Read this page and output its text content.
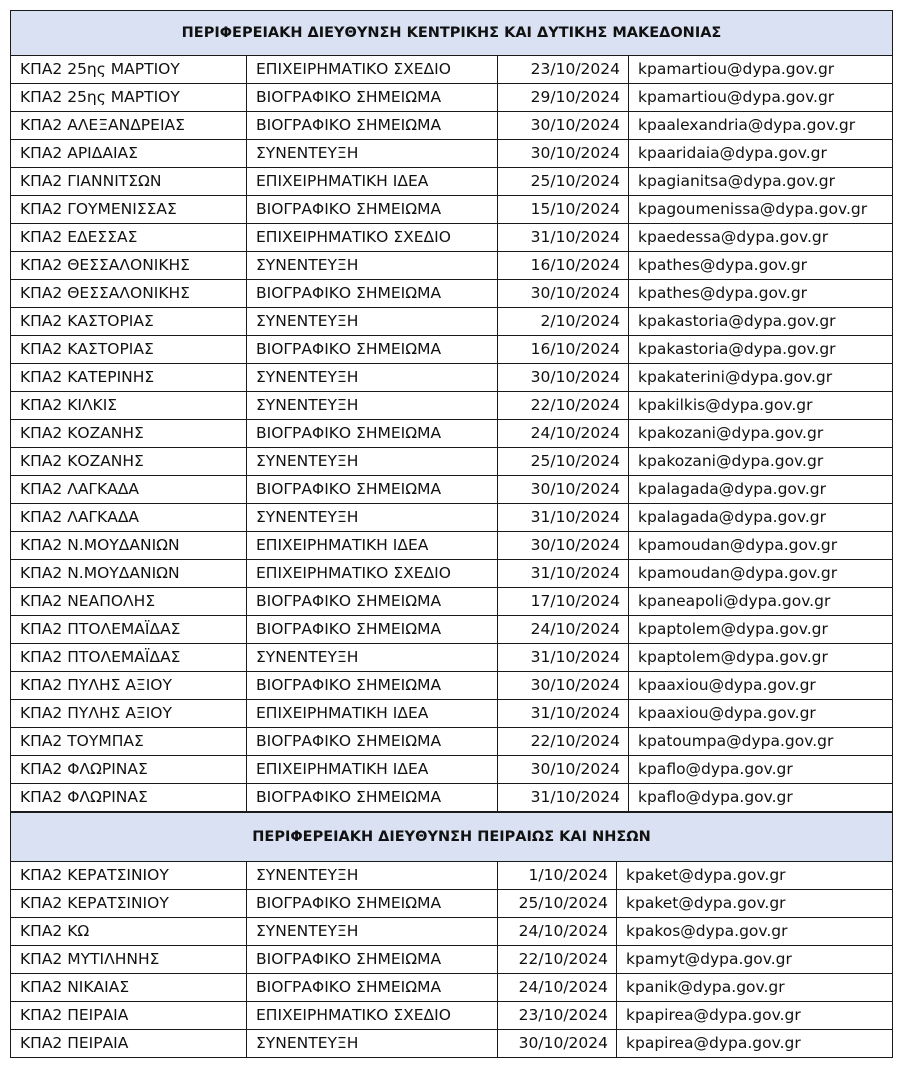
ΠΕΡΙΦΕΡΕΙΑΚΗ ΔΙΕΥΘΥΝΣΗ ΚΕΝΤΡΙΚΗΣ ΚΑΙ ΔΥΤΙΚΗΣ ΜΑΚΕΔΟΝΙΑΣ			
ΚΠΑ2 25ης ΜΑΡΤΙΟΥ	ΕΠΙΧΕΙΡΗΜΑΤΙΚΟ ΣΧΕΔΙΟ	23/10/2024	kpamartiou@dypa.gov.gr
ΚΠΑ2 25ης ΜΑΡΤΙΟΥ	ΒΙΟΓΡΑΦΙΚΟ ΣΗΜΕΙΩΜΑ	29/10/2024	kpamartiou@dypa.gov.gr
ΚΠΑ2 ΑΛΕΞΑΝΔΡΕΙΑΣ	ΒΙΟΓΡΑΦΙΚΟ ΣΗΜΕΙΩΜΑ	30/10/2024	kpaalexandria@dypa.gov.gr
ΚΠΑ2 ΑΡΙΔΑΙΑΣ	ΣΥΝΕΝΤΕΥΞΗ	30/10/2024	kpaaridaia@dypa.gov.gr
ΚΠΑ2 ΓΙΑΝΝΙΤΣΩΝ	ΕΠΙΧΕΙΡΗΜΑΤΙΚΗ ΙΔΕΑ	25/10/2024	kpagianitsa@dypa.gov.gr
ΚΠΑ2 ΓΟΥΜΕΝΙΣΣΑΣ	ΒΙΟΓΡΑΦΙΚΟ ΣΗΜΕΙΩΜΑ	15/10/2024	kpagoumenissa@dypa.gov.gr
ΚΠΑ2 ΕΔΕΣΣΑΣ	ΕΠΙΧΕΙΡΗΜΑΤΙΚΟ ΣΧΕΔΙΟ	31/10/2024	kpaedessa@dypa.gov.gr
ΚΠΑ2 ΘΕΣΣΑΛΟΝΙΚΗΣ	ΣΥΝΕΝΤΕΥΞΗ	16/10/2024	kpathes@dypa.gov.gr
ΚΠΑ2 ΘΕΣΣΑΛΟΝΙΚΗΣ	ΒΙΟΓΡΑΦΙΚΟ ΣΗΜΕΙΩΜΑ	30/10/2024	kpathes@dypa.gov.gr
ΚΠΑ2 ΚΑΣΤΟΡΙΑΣ	ΣΥΝΕΝΤΕΥΞΗ	2/10/2024	kpakastoria@dypa.gov.gr
ΚΠΑ2 ΚΑΣΤΟΡΙΑΣ	ΒΙΟΓΡΑΦΙΚΟ ΣΗΜΕΙΩΜΑ	16/10/2024	kpakastoria@dypa.gov.gr
ΚΠΑ2 ΚΑΤΕΡΙΝΗΣ	ΣΥΝΕΝΤΕΥΞΗ	30/10/2024	kpakaterini@dypa.gov.gr
ΚΠΑ2 ΚΙΛΚΙΣ	ΣΥΝΕΝΤΕΥΞΗ	22/10/2024	kpakilkis@dypa.gov.gr
ΚΠΑ2 ΚΟΖΑΝΗΣ	ΒΙΟΓΡΑΦΙΚΟ ΣΗΜΕΙΩΜΑ	24/10/2024	kpakozani@dypa.gov.gr
ΚΠΑ2 ΚΟΖΑΝΗΣ	ΣΥΝΕΝΤΕΥΞΗ	25/10/2024	kpakozani@dypa.gov.gr
ΚΠΑ2 ΛΑΓΚΑΔΑ	ΒΙΟΓΡΑΦΙΚΟ ΣΗΜΕΙΩΜΑ	30/10/2024	kpalagada@dypa.gov.gr
ΚΠΑ2 ΛΑΓΚΑΔΑ	ΣΥΝΕΝΤΕΥΞΗ	31/10/2024	kpalagada@dypa.gov.gr
ΚΠΑ2 Ν.ΜΟΥΔΑΝΙΩΝ	ΕΠΙΧΕΙΡΗΜΑΤΙΚΗ ΙΔΕΑ	30/10/2024	kpamoudan@dypa.gov.gr
ΚΠΑ2 Ν.ΜΟΥΔΑΝΙΩΝ	ΕΠΙΧΕΙΡΗΜΑΤΙΚΟ ΣΧΕΔΙΟ	31/10/2024	kpamoudan@dypa.gov.gr
ΚΠΑ2 ΝΕΑΠΟΛΗΣ	ΒΙΟΓΡΑΦΙΚΟ ΣΗΜΕΙΩΜΑ	17/10/2024	kpaneapoli@dypa.gov.gr
ΚΠΑ2 ΠΤΟΛΕΜΑΪΔΑΣ	ΒΙΟΓΡΑΦΙΚΟ ΣΗΜΕΙΩΜΑ	24/10/2024	kpaptolem@dypa.gov.gr
ΚΠΑ2 ΠΤΟΛΕΜΑΪΔΑΣ	ΣΥΝΕΝΤΕΥΞΗ	31/10/2024	kpaptolem@dypa.gov.gr
ΚΠΑ2 ΠΥΛΗΣ ΑΞΙΟΥ	ΒΙΟΓΡΑΦΙΚΟ ΣΗΜΕΙΩΜΑ	30/10/2024	kpaaxiou@dypa.gov.gr
ΚΠΑ2 ΠΥΛΗΣ ΑΞΙΟΥ	ΕΠΙΧΕΙΡΗΜΑΤΙΚΗ ΙΔΕΑ	31/10/2024	kpaaxiou@dypa.gov.gr
ΚΠΑ2 ΤΟΥΜΠΑΣ	ΒΙΟΓΡΑΦΙΚΟ ΣΗΜΕΙΩΜΑ	22/10/2024	kpatoumpa@dypa.gov.gr
ΚΠΑ2 ΦΛΩΡΙΝΑΣ	ΕΠΙΧΕΙΡΗΜΑΤΙΚΗ ΙΔΕΑ	30/10/2024	kpaflo@dypa.gov.gr
ΚΠΑ2 ΦΛΩΡΙΝΑΣ	ΒΙΟΓΡΑΦΙΚΟ ΣΗΜΕΙΩΜΑ	31/10/2024	kpaflo@dypa.gov.gr
ΠΕΡΙΦΕΡΕΙΑΚΗ ΔΙΕΥΘΥΝΣΗ ΠΕΙΡΑΙΩΣ ΚΑΙ ΝΗΣΩΝ			
ΚΠΑ2 ΚΕΡΑΤΣΙΝΙΟΥ	ΣΥΝΕΝΤΕΥΞΗ	1/10/2024	kpaket@dypa.gov.gr
ΚΠΑ2 ΚΕΡΑΤΣΙΝΙΟΥ	ΒΙΟΓΡΑΦΙΚΟ ΣΗΜΕΙΩΜΑ	25/10/2024	kpaket@dypa.gov.gr
ΚΠΑ2 ΚΩ	ΣΥΝΕΝΤΕΥΞΗ	24/10/2024	kpakos@dypa.gov.gr
ΚΠΑ2 ΜΥΤΙΛΗΝΗΣ	ΒΙΟΓΡΑΦΙΚΟ ΣΗΜΕΙΩΜΑ	22/10/2024	kpamyt@dypa.gov.gr
ΚΠΑ2 ΝΙΚΑΙΑΣ	ΒΙΟΓΡΑΦΙΚΟ ΣΗΜΕΙΩΜΑ	24/10/2024	kpanik@dypa.gov.gr
ΚΠΑ2 ΠΕΙΡΑΙΑ	ΕΠΙΧΕΙΡΗΜΑΤΙΚΟ ΣΧΕΔΙΟ	23/10/2024	kpapirea@dypa.gov.gr
ΚΠΑ2 ΠΕΙΡΑΙΑ	ΣΥΝΕΝΤΕΥΞΗ	30/10/2024	kpapirea@dypa.gov.gr
